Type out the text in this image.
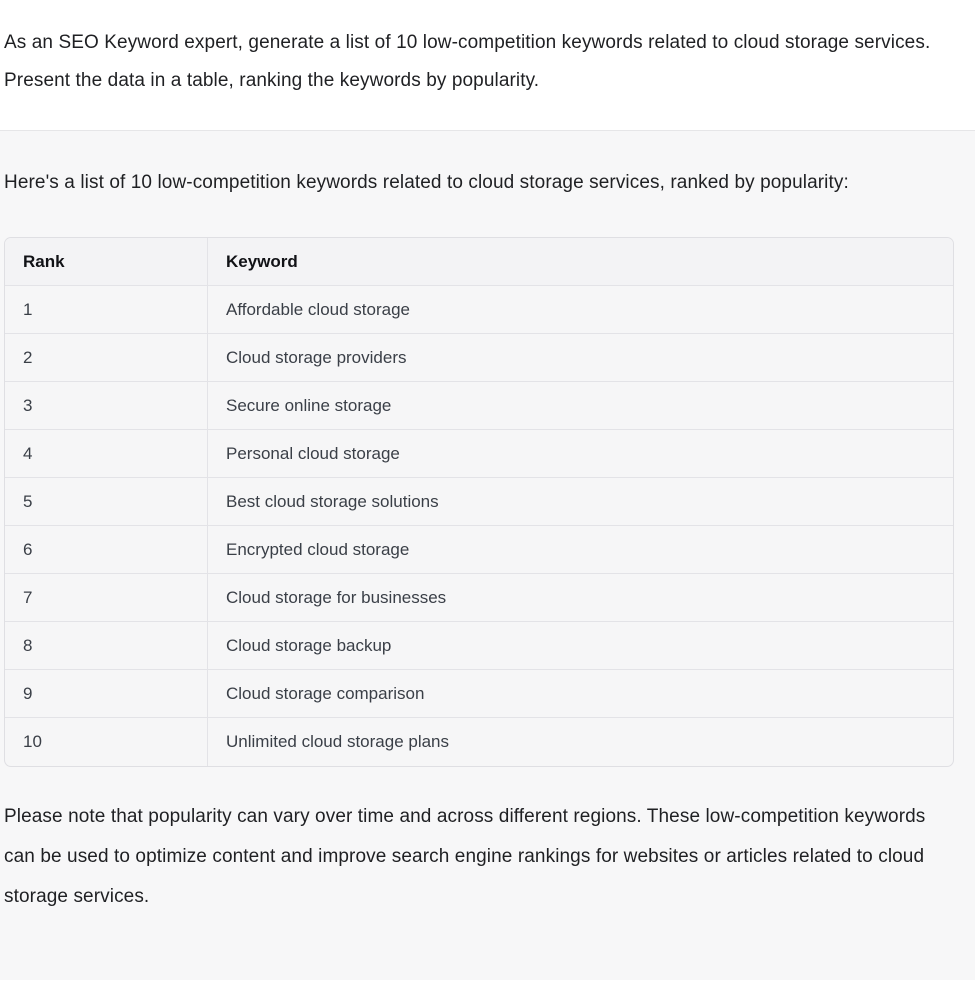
As an SEO Keyword expert, generate a list of 10 low-competition keywords related to cloud storage services. Present the data in a table, ranking the keywords by popularity.

Here's a list of 10 low-competition keywords related to cloud storage services, ranked by popularity:

Rank	Keyword
1	Affordable cloud storage
2	Cloud storage providers
3	Secure online storage
4	Personal cloud storage
5	Best cloud storage solutions
6	Encrypted cloud storage
7	Cloud storage for businesses
8	Cloud storage backup
9	Cloud storage comparison
10	Unlimited cloud storage plans

Please note that popularity can vary over time and across different regions. These low-competition keywords can be used to optimize content and improve search engine rankings for websites or articles related to cloud storage services.
